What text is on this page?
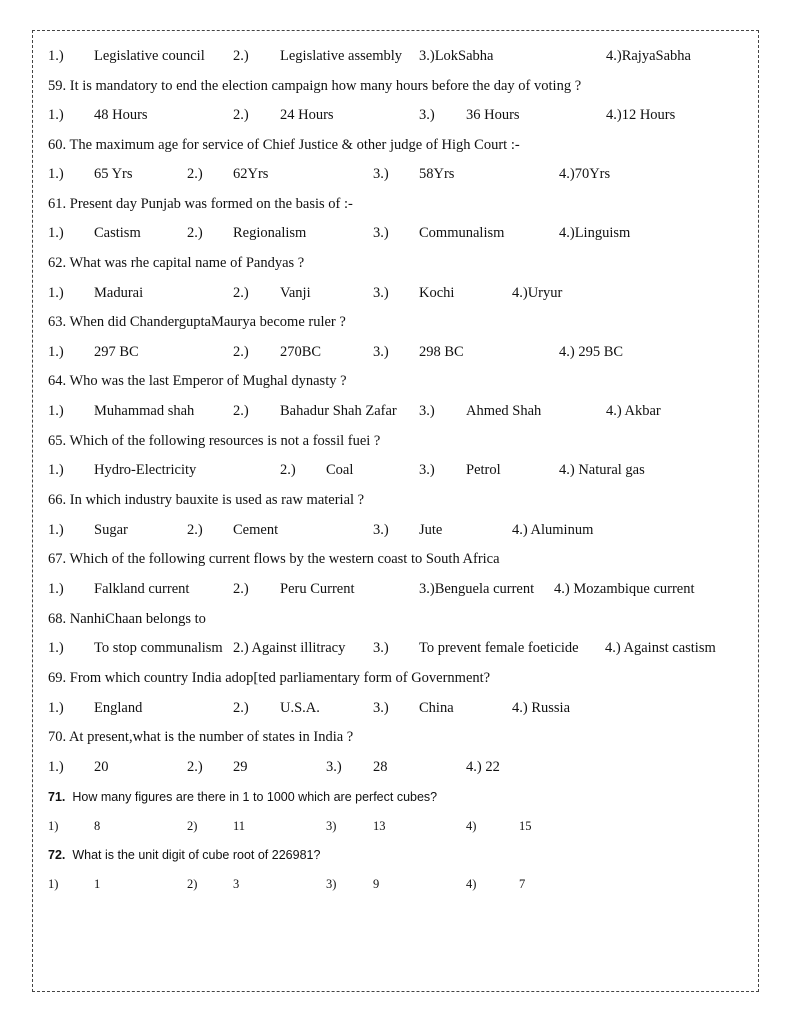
1.) Legislative council 2.) Legislative assembly 3.)LokSabha	4.)RajyaSabha
59. It is mandatory to end the election campaign how many hours before the day of voting ?
1.) 48 Hours	2.) 24 Hours	3.) 36 Hours	4.)12 Hours
60. The maximum age for service of Chief Justice & other judge of High Court :-
1.) 65 Yrs	2.) 62Yrs	3.) 58Yrs	4.)70Yrs
61. Present day Punjab was formed on the basis of :-
1.) Castism	2.) Regionalism	3.) Communalism	4.)Linguism
62. What was rhe capital name of Pandyas ?
1.) Madurai	2.) Vanji	3.) Kochi	4.)Uryur
63. When did ChanderguptaMaurya become ruler ?
1.) 297 BC	2.) 270BC	3.) 298 BC	4.) 295 BC
64. Who was the last Emperor of Mughal dynasty ?
1.) Muhammad shah	2.) Bahadur Shah Zafar 3.) Ahmed Shah	4.) Akbar
65. Which of the following resources is not a fossil fuei ?
1.) Hydro-Electricity	2.) Coal	3.) Petrol	4.) Natural gas
66. In which industry bauxite is used as raw material ?
1.) Sugar	2.) Cement	3.) Jute	4.) Aluminum
67. Which of the following current flows by the western coast to South Africa
1.) Falkland current	2.) Peru Current	3.)Benguela current 4.) Mozambique current
68. NanhiChaan belongs to
1.) To stop communalism 2.) Against illitracy 3.) To prevent female foeticide 4.) Against castism
69. From which country India adop[ted parliamentary form of Government?
1.) England	2.) U.S.A.	3.) China	4.) Russia
70. At present,what is the number of states in India ?
1.) 20	2.) 29	3.) 28	4.) 22
71. How many figures are there in 1 to 1000 which are perfect cubes?
1)	8	2)	11	3)	13	4)	15
72. What is the unit digit of cube root of 226981?
1)	1	2)	3	3)	9	4)	7
